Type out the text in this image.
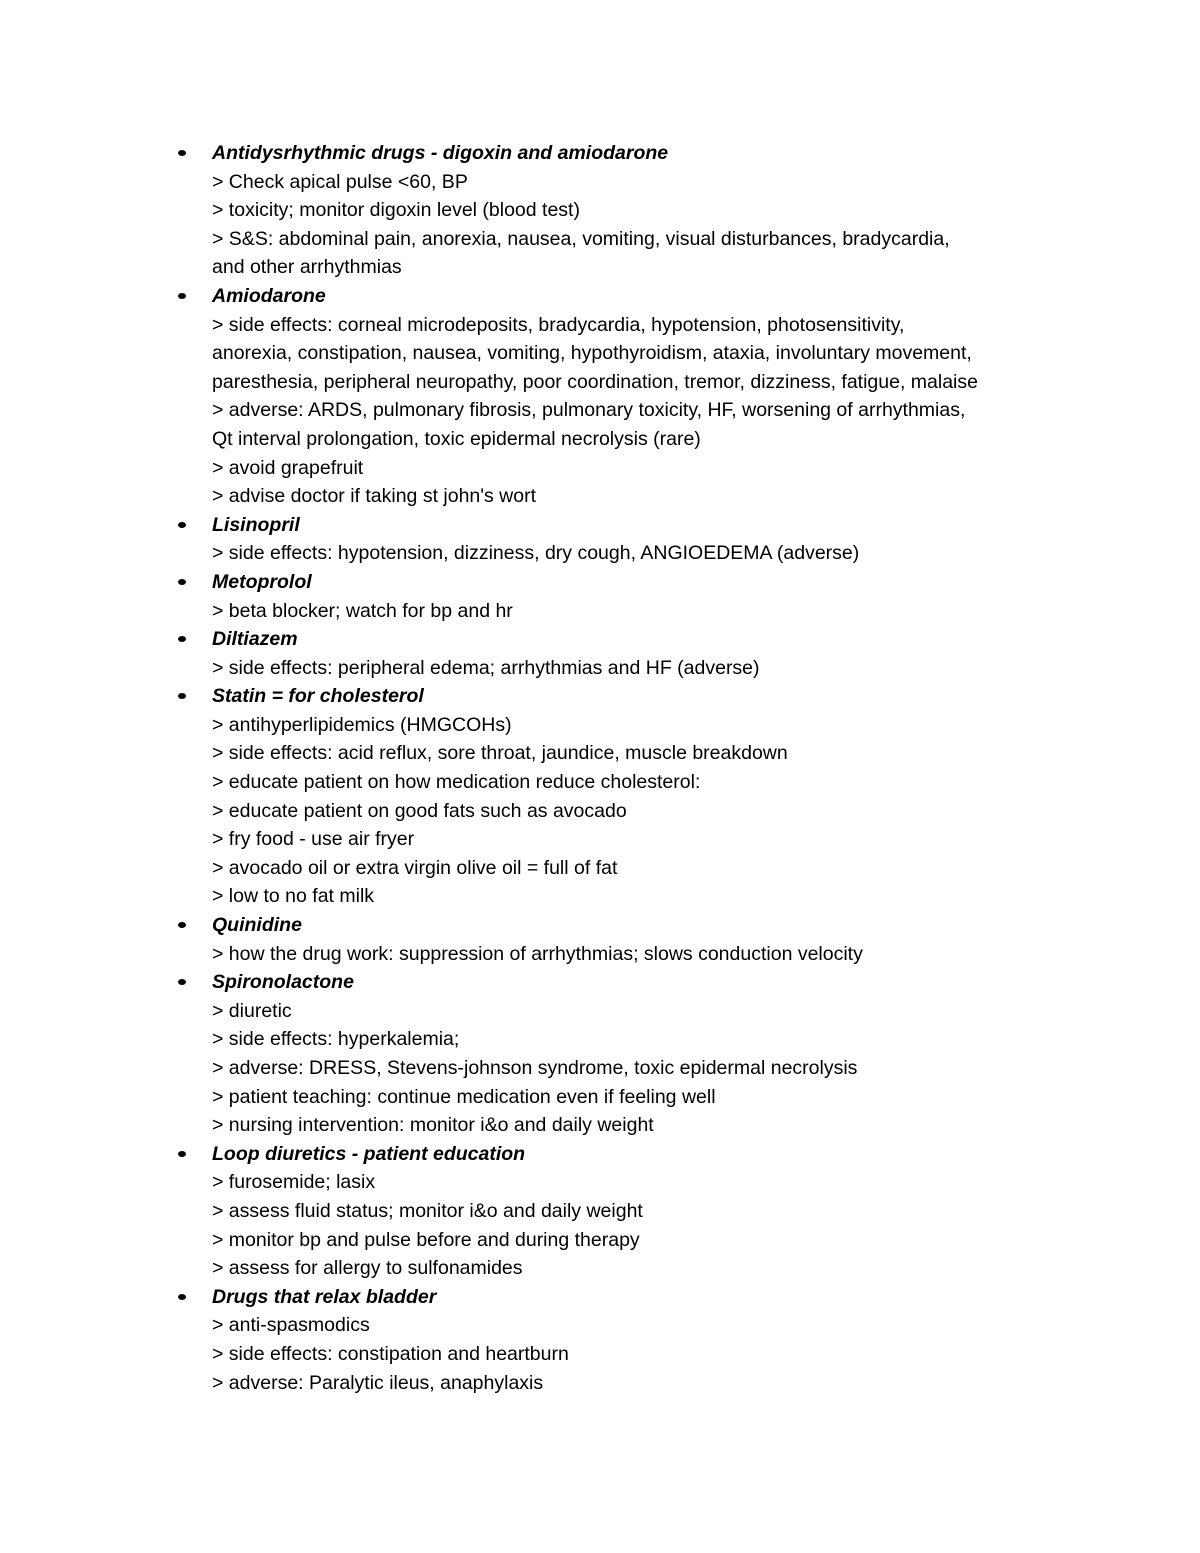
Antidysrhythmic drugs - digoxin and amiodarone
> Check apical pulse <60, BP
> toxicity; monitor digoxin level (blood test)
> S&S: abdominal pain, anorexia, nausea, vomiting, visual disturbances, bradycardia,
and other arrhythmias
Amiodarone
> side effects: corneal microdeposits, bradycardia, hypotension, photosensitivity,
anorexia, constipation, nausea, vomiting, hypothyroidism, ataxia, involuntary movement,
paresthesia, peripheral neuropathy, poor coordination, tremor, dizziness, fatigue, malaise
> adverse: ARDS, pulmonary fibrosis, pulmonary toxicity, HF, worsening of arrhythmias,
Qt interval prolongation, toxic epidermal necrolysis (rare)
> avoid grapefruit
> advise doctor if taking st john's wort
Lisinopril
> side effects: hypotension, dizziness, dry cough, ANGIOEDEMA (adverse)
Metoprolol
> beta blocker; watch for bp and hr
Diltiazem
> side effects: peripheral edema; arrhythmias and HF (adverse)
Statin = for cholesterol
> antihyperlipidemics (HMGCOHs)
> side effects: acid reflux, sore throat, jaundice, muscle breakdown
> educate patient on how medication reduce cholesterol:
> educate patient on good fats such as avocado
> fry food - use air fryer
> avocado oil or extra virgin olive oil = full of fat
> low to no fat milk
Quinidine
> how the drug work: suppression of arrhythmias; slows conduction velocity
Spironolactone
> diuretic
> side effects: hyperkalemia;
> adverse: DRESS, Stevens-johnson syndrome, toxic epidermal necrolysis
> patient teaching: continue medication even if feeling well
> nursing intervention: monitor i&o and daily weight
Loop diuretics - patient education
> furosemide; lasix
> assess fluid status; monitor i&o and daily weight
> monitor bp and pulse before and during therapy
> assess for allergy to sulfonamides
Drugs that relax bladder
> anti-spasmodics
> side effects: constipation and heartburn
> adverse: Paralytic ileus, anaphylaxis
